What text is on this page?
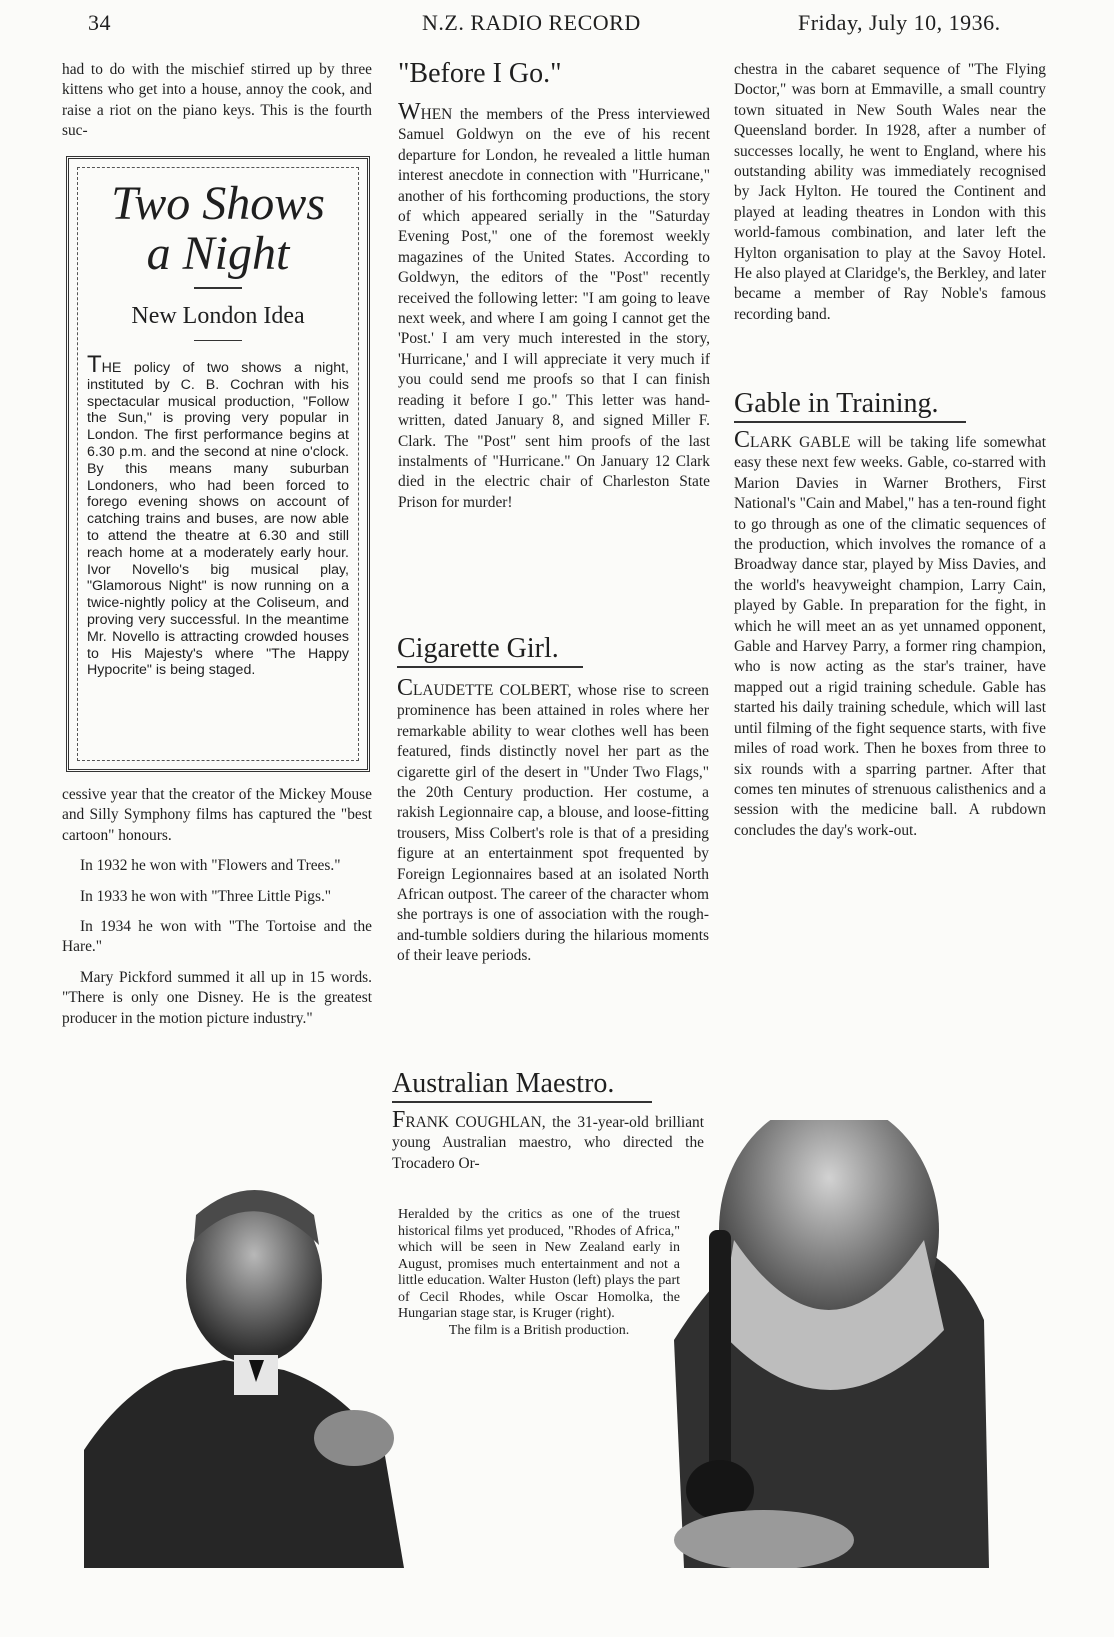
34	N.Z. RADIO RECORD	Friday, July 10, 1936.
had to do with the mischief stirred up by three kittens who get into a house, annoy the cook, and raise a riot on the piano keys. This is the fourth suc-

Two Shows

a Night

New London Idea

THE policy of two shows a night, instituted by C. B. Cochran with his spectacular musical production, "Follow the Sun," is proving very popular in London. The first performance begins at 6.30 p.m. and the second at nine o'clock. By this means many suburban Londoners, who had been forced to forego evening shows on account of catching trains and buses, are now able to attend the theatre at 6.30 and still reach home at a moderately early hour. Ivor Novello's big musical play, "Glamorous Night" is now running on a twice-nightly policy at the Coliseum, and proving very successful. In the meantime Mr. Novello is attracting crowded houses to His Majesty's where "The Happy Hypocrite" is being staged.

cessive year that the creator of the Mickey Mouse and Silly Symphony films has captured the "best cartoon" honours.

In 1932 he won with "Flowers and Trees."

In 1933 he won with "Three Little Pigs."

In 1934 he won with "The Tortoise and the Hare."

Mary Pickford summed it all up in 15 words. "There is only one Disney. He is the greatest producer in the motion picture industry."

"Before I Go."
WHEN the members of the Press interviewed Samuel Goldwyn on the eve of his recent departure for London, he revealed a little human interest anecdote in connection with "Hurricane," another of his forthcoming productions, the story of which appeared serially in the "Saturday Evening Post," one of the foremost weekly magazines of the United States. According to Goldwyn, the editors of the "Post" recently received the following letter: "I am going to leave next week, and where I am going I cannot get the 'Post.' I am very much interested in the story, 'Hurricane,' and I will appreciate it very much if you could send me proofs so that I can finish reading it before I go." This letter was hand-written, dated January 8, and signed Miller F. Clark. The "Post" sent him proofs of the last instalments of "Hurricane." On January 12 Clark died in the electric chair of Charleston State Prison for murder!
Cigarette Girl.
CLAUDETTE COLBERT, whose rise to screen prominence has been attained in roles where her remarkable ability to wear clothes well has been featured, finds distinctly novel her part as the cigarette girl of the desert in "Under Two Flags," the 20th Century production. Her costume, a rakish Legionnaire cap, a blouse, and loose-fitting trousers, Miss Colbert's role is that of a presiding figure at an entertainment spot frequented by Foreign Legionnaires based at an isolated North African outpost. The career of the character whom she portrays is one of association with the rough-and-tumble soldiers during the hilarious moments of their leave periods.
Australian Maestro.
FRANK COUGHLAN, the 31-year-old brilliant young Australian maestro, who directed the Trocadero Or-
chestra in the cabaret sequence of "The Flying Doctor," was born at Emmaville, a small country town situated in New South Wales near the Queensland border. In 1928, after a number of successes locally, he went to England, where his outstanding ability was immediately recognised by Jack Hylton. He toured the Continent and played at leading theatres in London with this world-famous combination, and later left the Hylton organisation to play at the Savoy Hotel. He also played at Claridge's, the Berkley, and later became a member of Ray Noble's famous recording band.
Gable in Training.
CLARK GABLE will be taking life somewhat easy these next few weeks. Gable, co-starred with Marion Davies in Warner Brothers, First National's "Cain and Mabel," has a ten-round fight to go through as one of the climatic sequences of the production, which involves the romance of a Broadway dance star, played by Miss Davies, and the world's heavyweight champion, Larry Cain, played by Gable. In preparation for the fight, in which he will meet an as yet unnamed opponent, Gable and Harvey Parry, a former ring champion, who is now acting as the star's trainer, have mapped out a rigid training schedule. Gable has started his daily training schedule, which will last until filming of the fight sequence starts, with five miles of road work. Then he boxes from three to six rounds with a sparring partner. After that comes ten minutes of strenuous calisthenics and a session with the medicine ball. A rubdown concludes the day's work-out.
Heralded by the critics as one of the truest historical films yet produced, "Rhodes of Africa," which will be seen in New Zealand early in August, promises much entertainment and not a little education. Walter Huston (left) plays the part of Cecil Rhodes, while Oscar Homolka, the Hungarian stage star, is Kruger (right).
The film is a British production.
